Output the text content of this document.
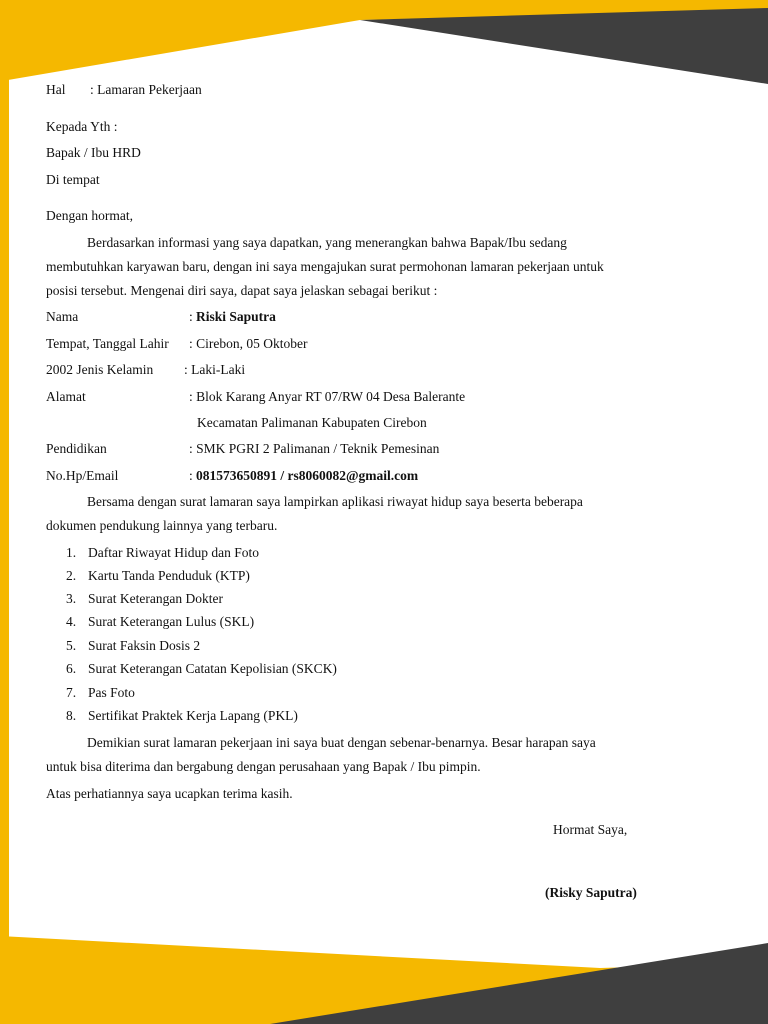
Hal : Lamaran Pekerjaan
Kepada Yth :
Bapak / Ibu HRD
Di tempat
Dengan hormat,
Berdasarkan informasi yang saya dapatkan, yang menerangkan bahwa Bapak/Ibu sedang
membutuhkan karyawan baru, dengan ini saya mengajukan surat permohonan lamaran pekerjaan untuk
posisi tersebut. Mengenai diri saya, dapat saya jelaskan sebagai berikut :
Nama	: Riski Saputra
Tempat, Tanggal Lahir : Cirebon, 05 Oktober
2002 Jenis Kelamin : Laki-Laki
Alamat	: Blok Karang Anyar RT 07/RW 04 Desa Balerante
Kecamatan Palimanan Kabupaten Cirebon
Pendidikan	: SMK PGRI 2 Palimanan / Teknik Pemesinan
No.Hp/Email	: 081573650891 / rs8060082@gmail.com
Bersama dengan surat lamaran saya lampirkan aplikasi riwayat hidup saya beserta beberapa
dokumen pendukung lainnya yang terbaru.
1. Daftar Riwayat Hidup dan Foto
2. Kartu Tanda Penduduk (KTP)
3. Surat Keterangan Dokter
4. Surat Keterangan Lulus (SKL)
5. Surat Faksin Dosis 2
6. Surat Keterangan Catatan Kepolisian (SKCK)
7. Pas Foto
8. Sertifikat Praktek Kerja Lapang (PKL)
Demikian surat lamaran pekerjaan ini saya buat dengan sebenar-benarnya. Besar harapan saya
untuk bisa diterima dan bergabung dengan perusahaan yang Bapak / Ibu pimpin.
Atas perhatiannya saya ucapkan terima kasih.
Hormat Saya,
(Risky Saputra)
